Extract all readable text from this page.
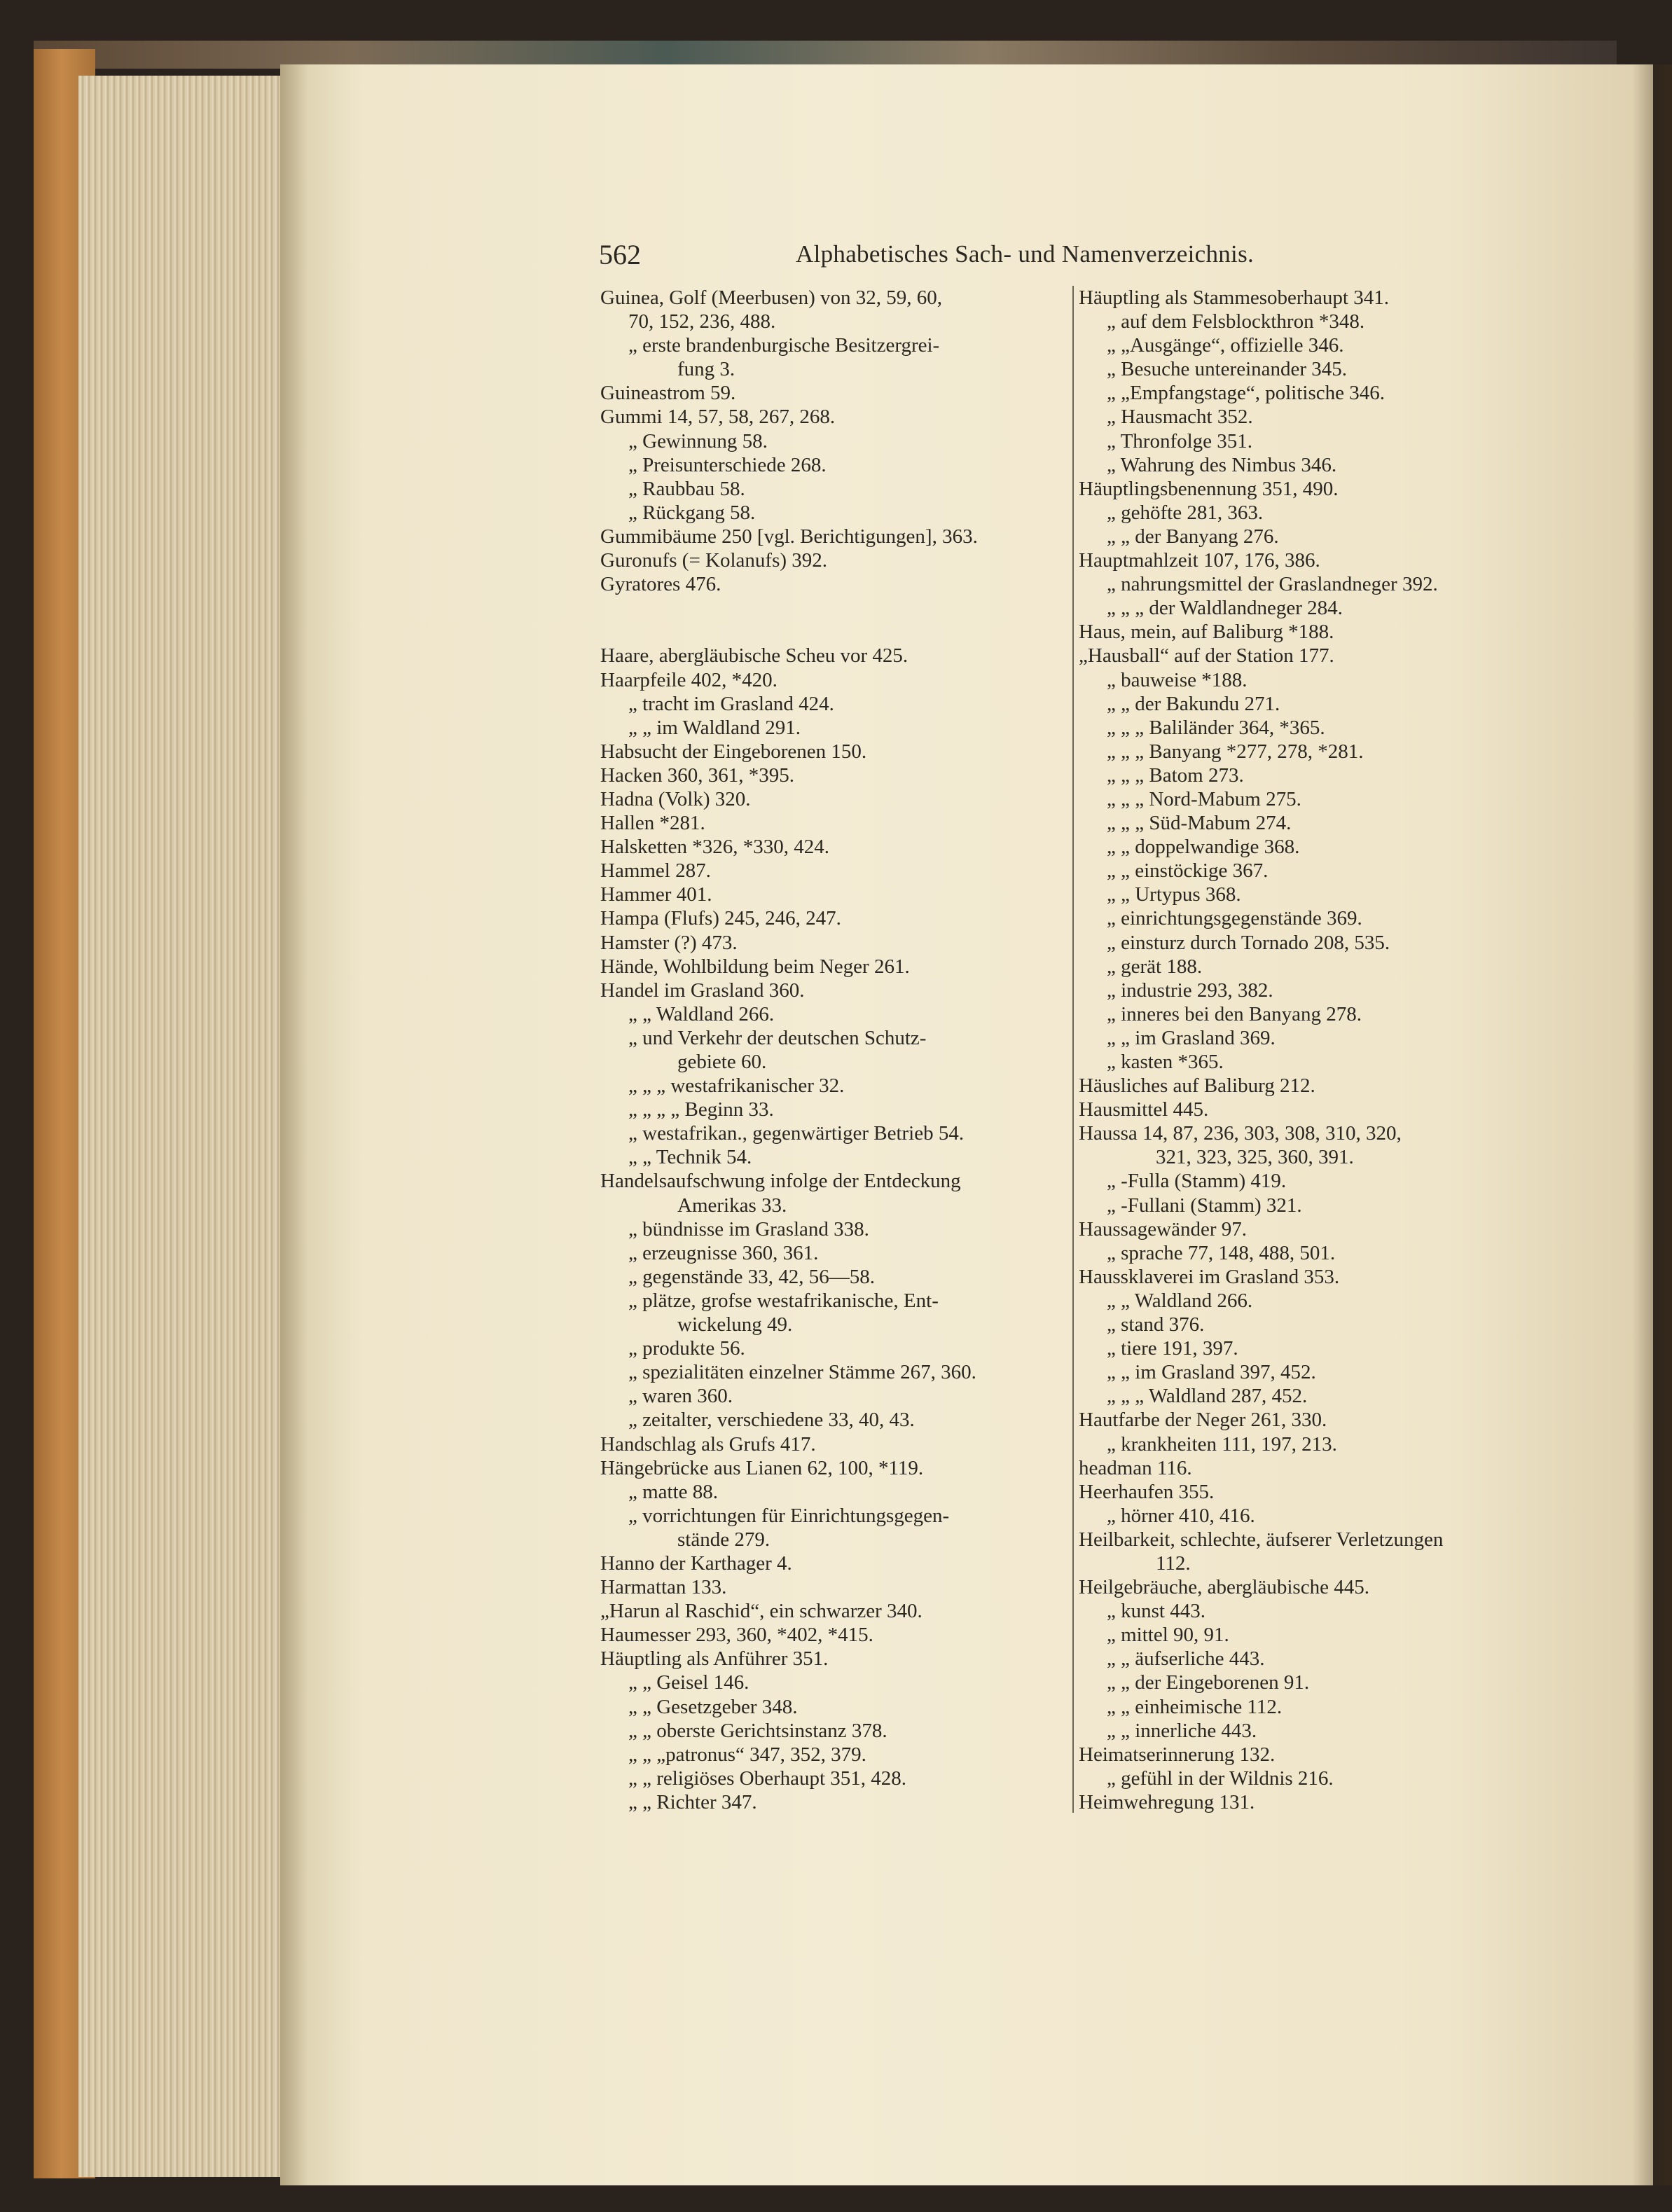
562	Alphabetisches Sach- und Namenverzeichnis.
Guinea, Golf (Meerbusen) von 32, 59, 60,
70, 152, 236, 488.
„ erste brandenburgische Besitzergrei-
fung 3.
Guineastrom 59.
Gummi 14, 57, 58, 267, 268.
„ Gewinnung 58.
„ Preisunterschiede 268.
„ Raubbau 58.
„ Rückgang 58.
Gummibäume 250 [vgl. Berichtigungen], 363.
Guronufs (= Kolanufs) 392.
Gyratores 476.
Haare, abergläubische Scheu vor 425.
Haarpfeile 402, *420.
„ tracht im Grasland 424.
„ „ im Waldland 291.
Habsucht der Eingeborenen 150.
Hacken 360, 361, *395.
Hadna (Volk) 320.
Hallen *281.
Halsketten *326, *330, 424.
Hammel 287.
Hammer 401.
Hampa (Flufs) 245, 246, 247.
Hamster (?) 473.
Hände, Wohlbildung beim Neger 261.
Handel im Grasland 360.
„ „ Waldland 266.
„ und Verkehr der deutschen Schutz-
gebiete 60.
„ „ „ westafrikanischer 32.
„ „ „ „ Beginn 33.
„ westafrikan., gegenwärtiger Betrieb 54.
„ „ Technik 54.
Handelsaufschwung infolge der Entdeckung
Amerikas 33.
„ bündnisse im Grasland 338.
„ erzeugnisse 360, 361.
„ gegenstände 33, 42, 56—58.
„ plätze, grofse westafrikanische, Ent-
wickelung 49.
„ produkte 56.
„ spezialitäten einzelner Stämme 267, 360.
„ waren 360.
„ zeitalter, verschiedene 33, 40, 43.
Handschlag als Grufs 417.
Hängebrücke aus Lianen 62, 100, *119.
„ matte 88.
„ vorrichtungen für Einrichtungsgegen-
stände 279.
Hanno der Karthager 4.
Harmattan 133.
„Harun al Raschid“, ein schwarzer 340.
Haumesser 293, 360, *402, *415.
Häuptling als Anführer 351.
„ „ Geisel 146.
„ „ Gesetzgeber 348.
„ „ oberste Gerichtsinstanz 378.
„ „ „patronus“ 347, 352, 379.
„ „ religiöses Oberhaupt 351, 428.
„ „ Richter 347.
Häuptling als Stammesoberhaupt 341.
„ auf dem Felsblockthron *348.
„ „Ausgänge“, offizielle 346.
„ Besuche untereinander 345.
„ „Empfangstage“, politische 346.
„ Hausmacht 352.
„ Thronfolge 351.
„ Wahrung des Nimbus 346.
Häuptlingsbenennung 351, 490.
„ gehöfte 281, 363.
„ „ der Banyang 276.
Hauptmahlzeit 107, 176, 386.
„ nahrungsmittel der Graslandneger 392.
„ „ „ der Waldlandneger 284.
Haus, mein, auf Baliburg *188.
„Hausball“ auf der Station 177.
„ bauweise *188.
„ „ der Bakundu 271.
„ „ „ Baliländer 364, *365.
„ „ „ Banyang *277, 278, *281.
„ „ „ Batom 273.
„ „ „ Nord-Mabum 275.
„ „ „ Süd-Mabum 274.
„ „ doppelwandige 368.
„ „ einstöckige 367.
„ „ Urtypus 368.
„ einrichtungsgegenstände 369.
„ einsturz durch Tornado 208, 535.
„ gerät 188.
„ industrie 293, 382.
„ inneres bei den Banyang 278.
„ „ im Grasland 369.
„ kasten *365.
Häusliches auf Baliburg 212.
Hausmittel 445.
Haussa 14, 87, 236, 303, 308, 310, 320,
321, 323, 325, 360, 391.
„ -Fulla (Stamm) 419.
„ -Fullani (Stamm) 321.
Haussagewänder 97.
„ sprache 77, 148, 488, 501.
Haussklaverei im Grasland 353.
„ „ Waldland 266.
„ stand 376.
„ tiere 191, 397.
„ „ im Grasland 397, 452.
„ „ „ Waldland 287, 452.
Hautfarbe der Neger 261, 330.
„ krankheiten 111, 197, 213.
headman 116.
Heerhaufen 355.
„ hörner 410, 416.
Heilbarkeit, schlechte, äufserer Verletzungen
112.
Heilgebräuche, abergläubische 445.
„ kunst 443.
„ mittel 90, 91.
„ „ äufserliche 443.
„ „ der Eingeborenen 91.
„ „ einheimische 112.
„ „ innerliche 443.
Heimatserinnerung 132.
„ gefühl in der Wildnis 216.
Heimwehregung 131.
